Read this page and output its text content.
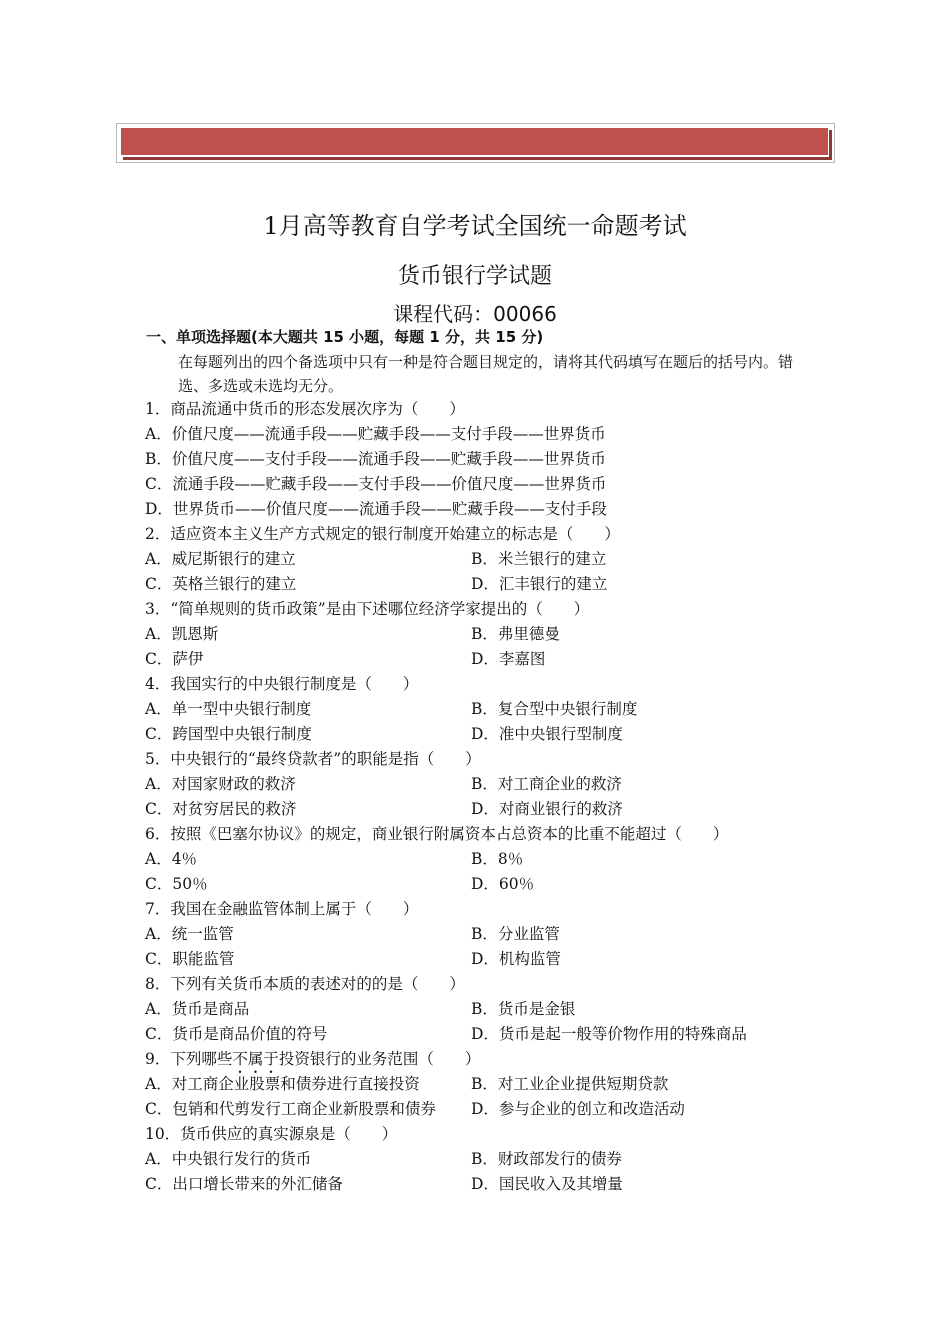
1月高等教育自学考试全国统一命题考试
货币银行学试题
课程代码：00066
一、单项选择题(本大题共 15 小题，每题 1 分，共 15 分)
在每题列出的四个备选项中只有一种是符合题目规定的，请将其代码填写在题后的括号内。错选、多选或未选均无分。
1．商品流通中货币的形态发展次序为（　　）
A．价值尺度——流通手段——贮藏手段——支付手段——世界货币
B．价值尺度——支付手段——流通手段——贮藏手段——世界货币
C．流通手段——贮藏手段——支付手段——价值尺度——世界货币
D．世界货币——价值尺度——流通手段——贮藏手段——支付手段
2．适应资本主义生产方式规定的银行制度开始建立的标志是（　　）
A．威尼斯银行的建立	B．米兰银行的建立
C．英格兰银行的建立	D．汇丰银行的建立
3．“简单规则的货币政策”是由下述哪位经济学家提出的（　　）
A．凯恩斯	B．弗里德曼
C．萨伊	D．李嘉图
4．我国实行的中央银行制度是（　　）
A．单一型中央银行制度	B．复合型中央银行制度
C．跨国型中央银行制度	D．准中央银行型制度
5．中央银行的“最终贷款者”的职能是指（　　）
A．对国家财政的救济	B．对工商企业的救济
C．对贫穷居民的救济	D．对商业银行的救济
6．按照《巴塞尔协议》的规定，商业银行附属资本占总资本的比重不能超过（　　）
A．4％	B．8％
C．50％	D．60％
7．我国在金融监管体制上属于（　　）
A．统一监管	B．分业监管
C．职能监管	D．机构监管
8．下列有关货币本质的表述对的的是（　　）
A．货币是商品	B．货币是金银
C．货币是商品价值的符号	D．货币是起一般等价物作用的特殊商品
9．下列哪些不属于投资银行的业务范围（　　）
A．对工商企业股票和债券进行直接投资	B．对工业企业提供短期贷款
C．包销和代剪发行工商企业新股票和债券 D．参与企业的创立和改造活动
10．货币供应的真实源泉是（　　）
A．中央银行发行的货币	B．财政部发行的债券
C．出口增长带来的外汇储备	D．国民收入及其增量
